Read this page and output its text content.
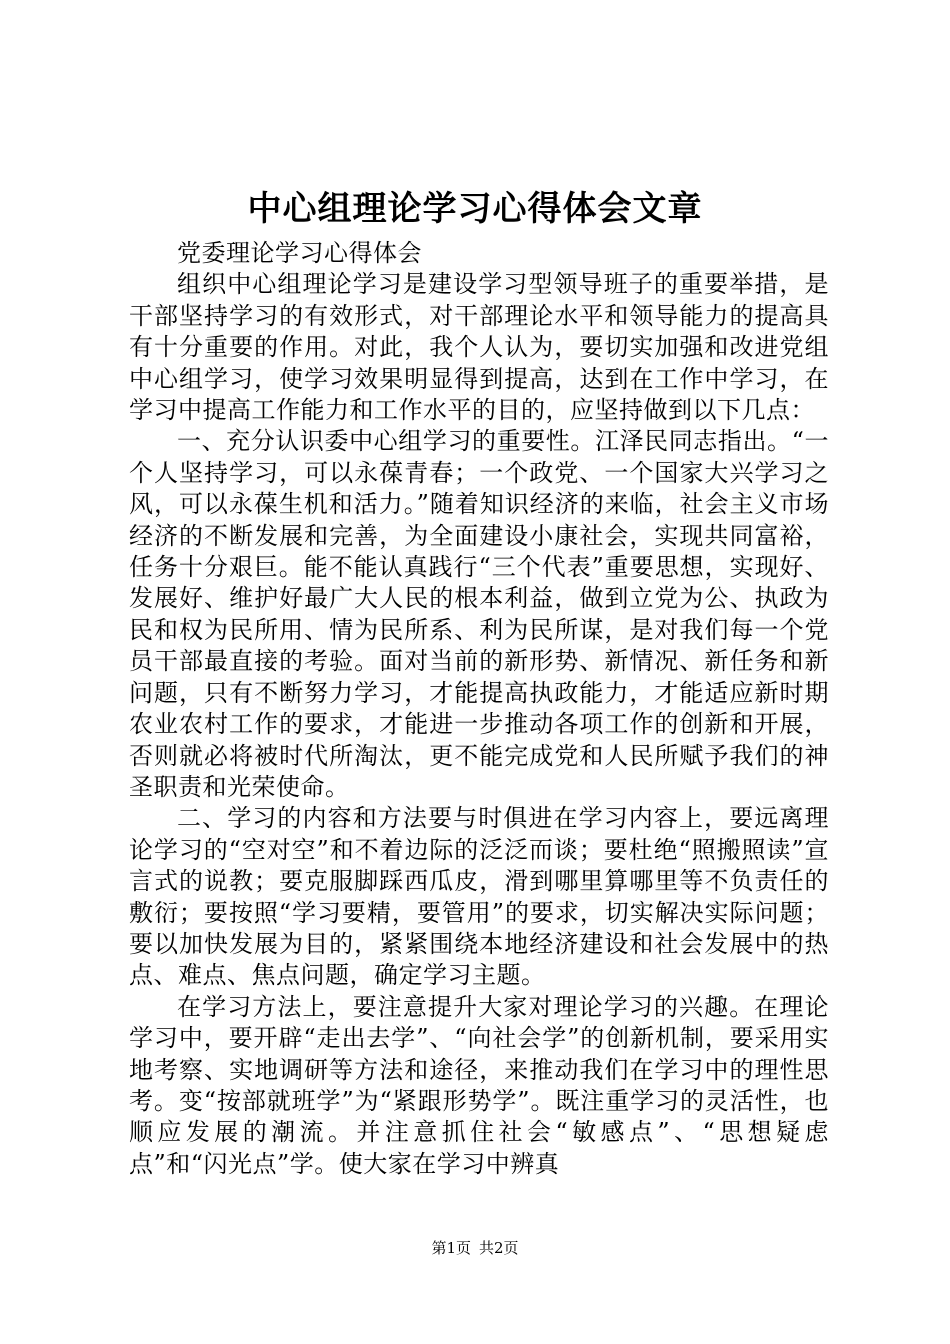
中心组理论学习心得体会文章

党委理论学习心得体会

组织中心组理论学习是建设学习型领导班子的重要举措，是干部坚持学习的有效形式，对干部理论水平和领导能力的提高具有十分重要的作用。对此，我个人认为，要切实加强和改进党组中心组学习，使学习效果明显得到提高，达到在工作中学习，在学习中提高工作能力和工作水平的目的，应坚持做到以下几点：

一、充分认识委中心组学习的重要性。江泽民同志指出。“一个人坚持学习，可以永葆青春；一个政党、一个国家大兴学习之风，可以永葆生机和活力。”随着知识经济的来临，社会主义市场经济的不断发展和完善，为全面建设小康社会，实现共同富裕，任务十分艰巨。能不能认真践行“三个代表”重要思想，实现好、发展好、维护好最广大人民的根本利益，做到立党为公、执政为民和权为民所用、情为民所系、利为民所谋，是对我们每一个党员干部最直接的考验。面对当前的新形势、新情况、新任务和新问题，只有不断努力学习，才能提高执政能力，才能适应新时期农业农村工作的要求，才能进一步推动各项工作的创新和开展，否则就必将被时代所淘汰，更不能完成党和人民所赋予我们的神圣职责和光荣使命。

二、学习的内容和方法要与时俱进在学习内容上，要远离理论学习的“空对空”和不着边际的泛泛而谈；要杜绝“照搬照读”宣言式的说教；要克服脚踩西瓜皮，滑到哪里算哪里等不负责任的敷衍；要按照“学习要精，要管用”的要求，切实解决实际问题；要以加快发展为目的，紧紧围绕本地经济建设和社会发展中的热点、难点、焦点问题，确定学习主题。

在学习方法上，要注意提升大家对理论学习的兴趣。在理论学习中，要开辟“走出去学”、“向社会学”的创新机制，要采用实地考察、实地调研等方法和途径，来推动我们在学习中的理性思考。变“按部就班学”为“紧跟形势学”。既注重学习的灵活性，也顺应发展的潮流。并注意抓住社会“敏感点”、“思想疑虑点”和“闪光点”学。使大家在学习中辨真

第1页 共2页
